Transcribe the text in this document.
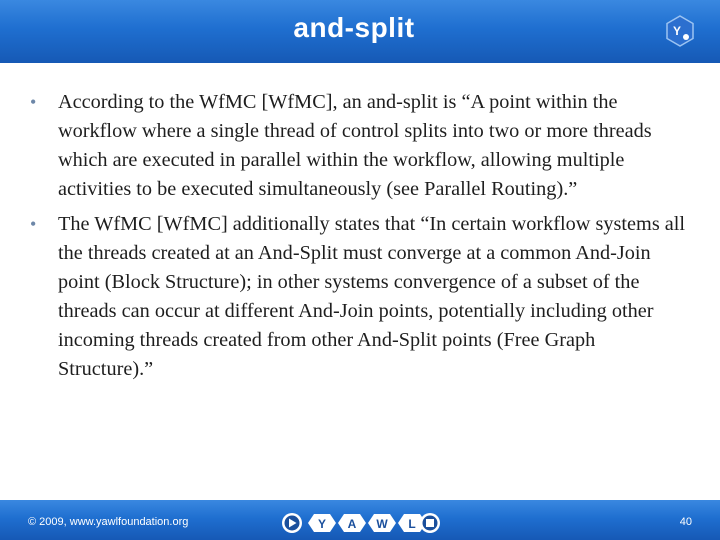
and-split	Y
• According to the WfMC [WfMC], an and-split is “A point within the workflow where a single thread of control splits into two or more threads which are executed in parallel within the workflow, allowing multiple activities to be executed simultaneously (see Parallel Routing).”
• The WfMC [WfMC] additionally states that “In certain workflow systems all the threads created at an And-Split must converge at a common And-Join point (Block Structure); in other systems convergence of a subset of the threads can occur at different And-Join points, potentially including other incoming threads created from other And-Split points (Free Graph Structure).”
© 2009, www.yawlfoundation.org	Y A W L	40
